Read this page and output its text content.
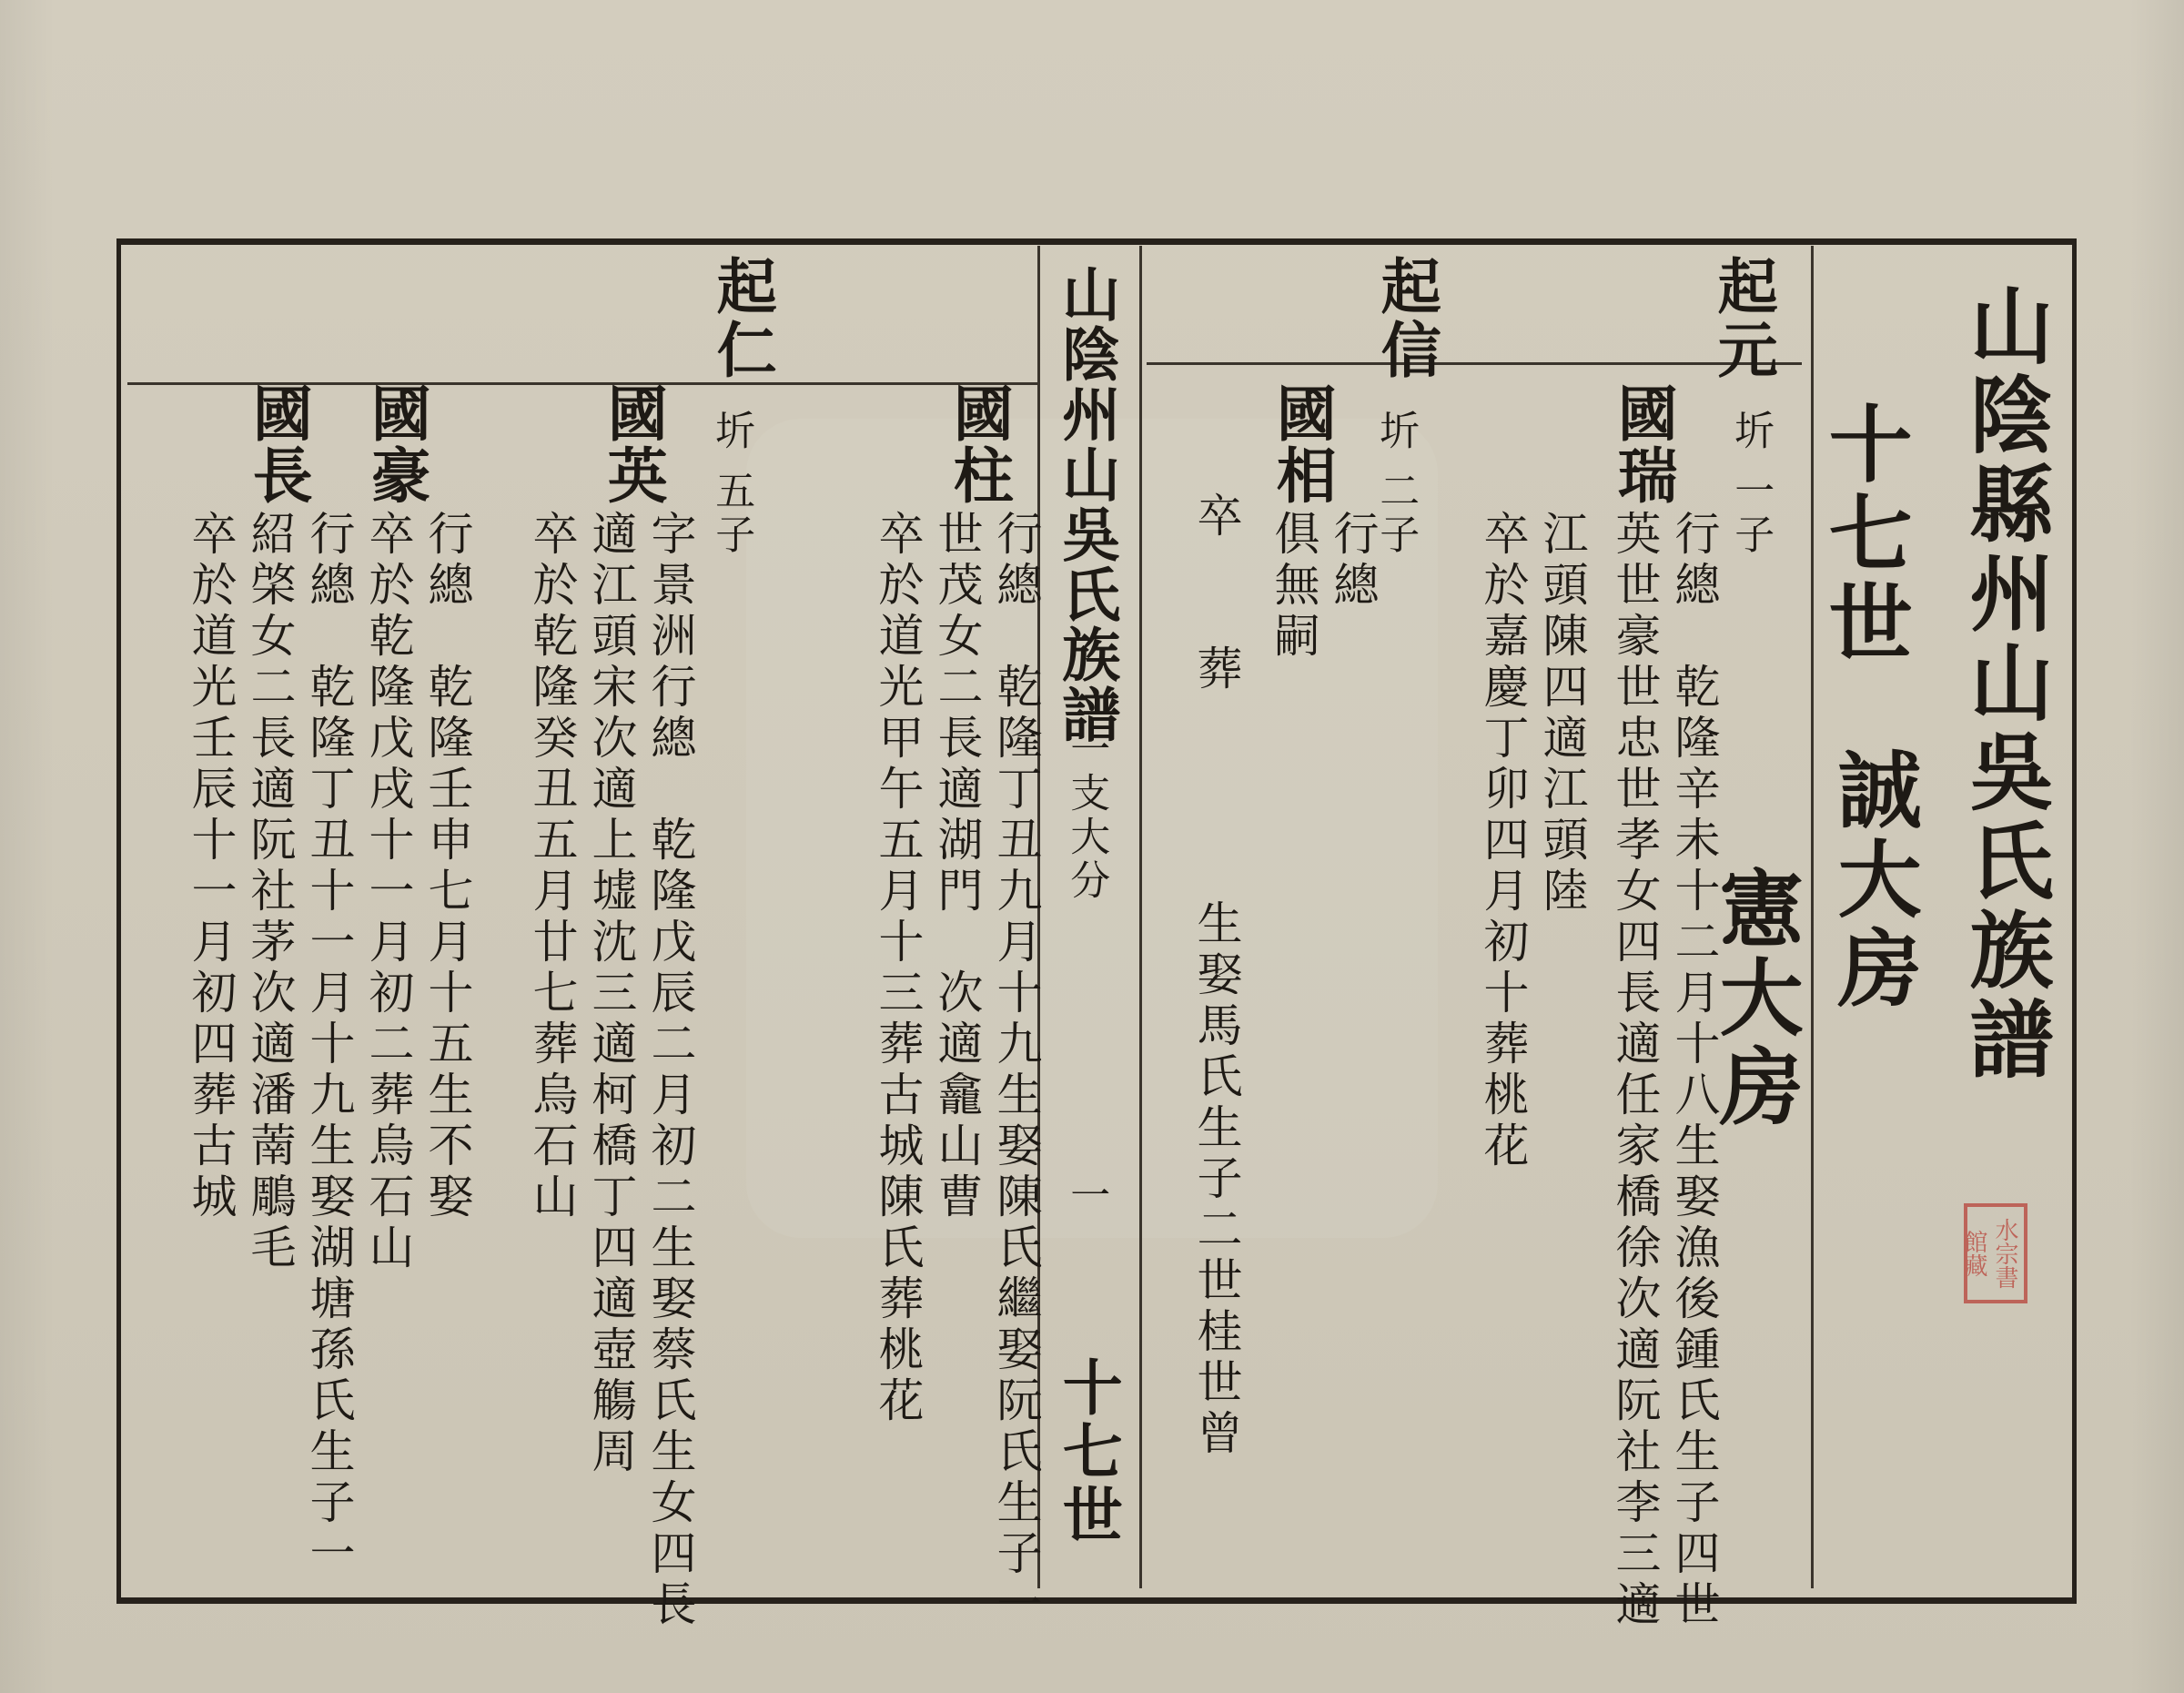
山陰縣州山吳氏族譜
十七世
誠大房
憲大房
起元
圻 一子
國瑞
行總　乾隆辛未十二月十八生娶漁後鍾氏生子四世
英世豪世忠世孝女四長適任家橋徐次適阮社李三適
江頭陳四適江頭陸
卒於嘉慶丁卯四月初十葬桃花
起信
圻 二子
國相
行總
俱無嗣
卒　　葬　　　　生娶馬氏生子二世桂世曾
山陰州山吳氏族譜
一支大分
一
十七世
國柱
行總　乾隆丁丑九月十九生娶陳氏繼娶阮氏生子一
世茂女二長適湖門　次適龕山曹
卒於道光甲午五月十三葬古城陳氏葬桃花
起仁
圻 五子
國英
字景洲行總　乾隆戊辰二月初二生娶蔡氏生女四長
適江頭宋次適上墟沈三適柯橋丁四適壺觴周
卒於乾隆癸丑五月廿七葬烏石山
國豪
行總　乾隆壬申七月十五生不娶
卒於乾隆戊戌十一月初二葬烏石山
國長
行總　乾隆丁丑十一月十九生娶湖塘孫氏生子一
紹棨女二長適阮社茅次適潘萳鵰毛
卒於道光壬辰十一月初四葬古城
水宗書館藏
